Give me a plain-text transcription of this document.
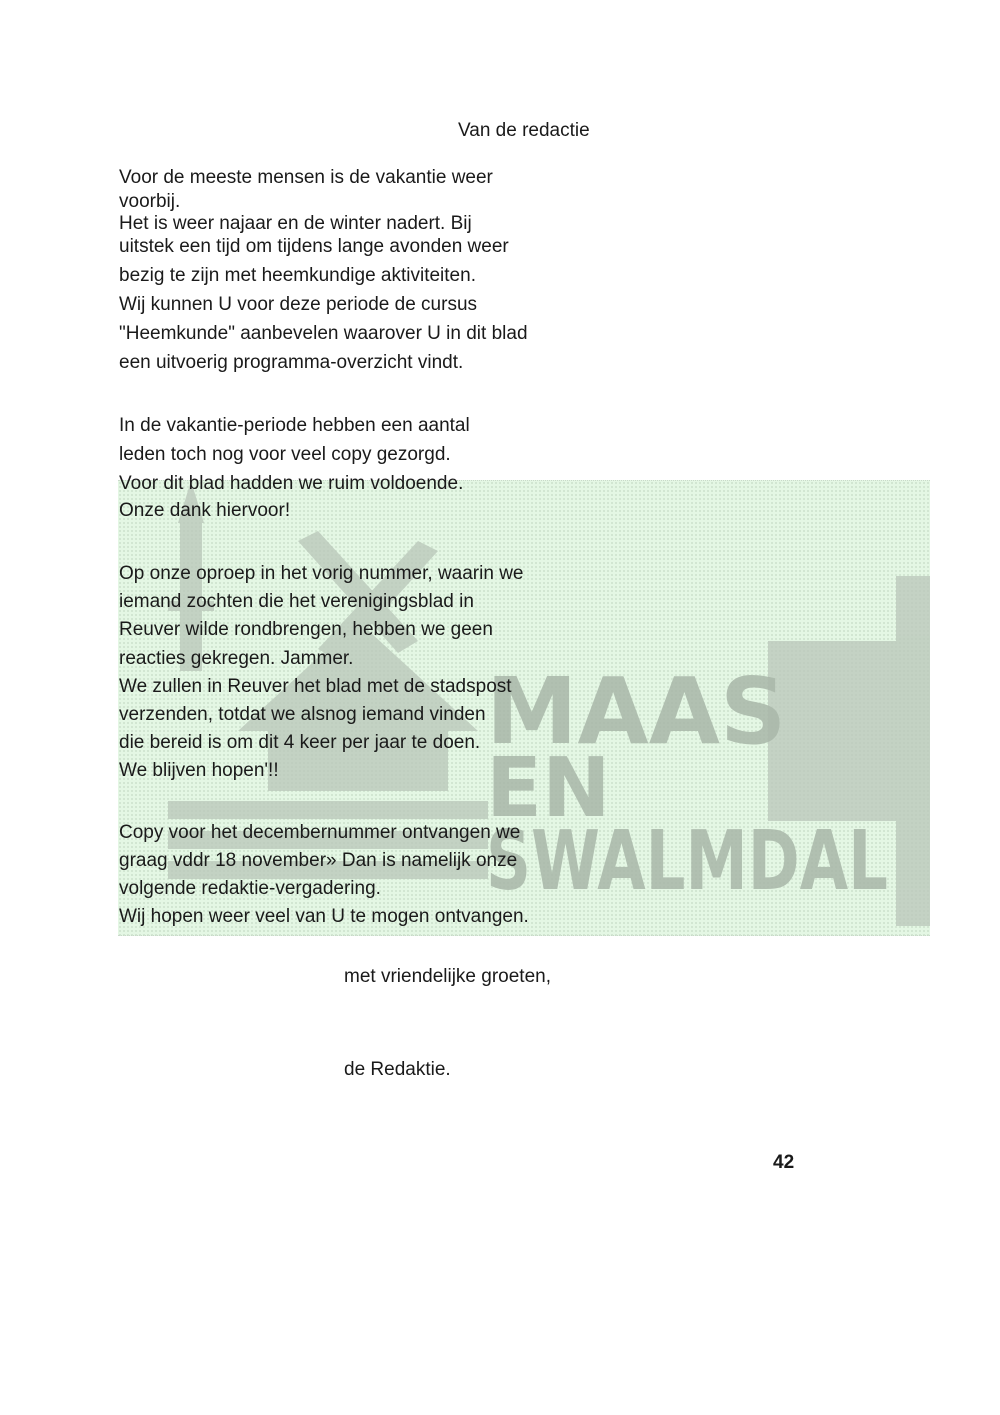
MAAS
EN
SWALMDAL
Van de redactie
Voor de meeste mensen is de vakantie weer
voorbij.
Het is weer najaar en de winter nadert. Bij
uitstek een tijd om tijdens lange avonden weer
bezig te zijn met heemkundige aktiviteiten.
Wij kunnen U voor deze periode de cursus
"Heemkunde" aanbevelen waarover U in dit blad
een uitvoerig programma-overzicht vindt.
In de vakantie-periode hebben een aantal
leden toch nog voor veel copy gezorgd.
Voor dit blad hadden we ruim voldoende.
Onze dank hiervoor!
Op onze oproep in het vorig nummer, waarin we
iemand zochten die het verenigingsblad in
Reuver wilde rondbrengen, hebben we geen
reacties gekregen. Jammer.
We zullen in Reuver het blad met de stadspost
verzenden, totdat we alsnog iemand vinden
die bereid is om dit 4 keer per jaar te doen.
We blijven hopen'!!
Copy voor het decembernummer ontvangen we
graag vddr 18 november» Dan is namelijk onze
volgende redaktie-vergadering.
Wij hopen weer veel van U te mogen ontvangen.
met vriendelijke groeten,
de Redaktie.
42
